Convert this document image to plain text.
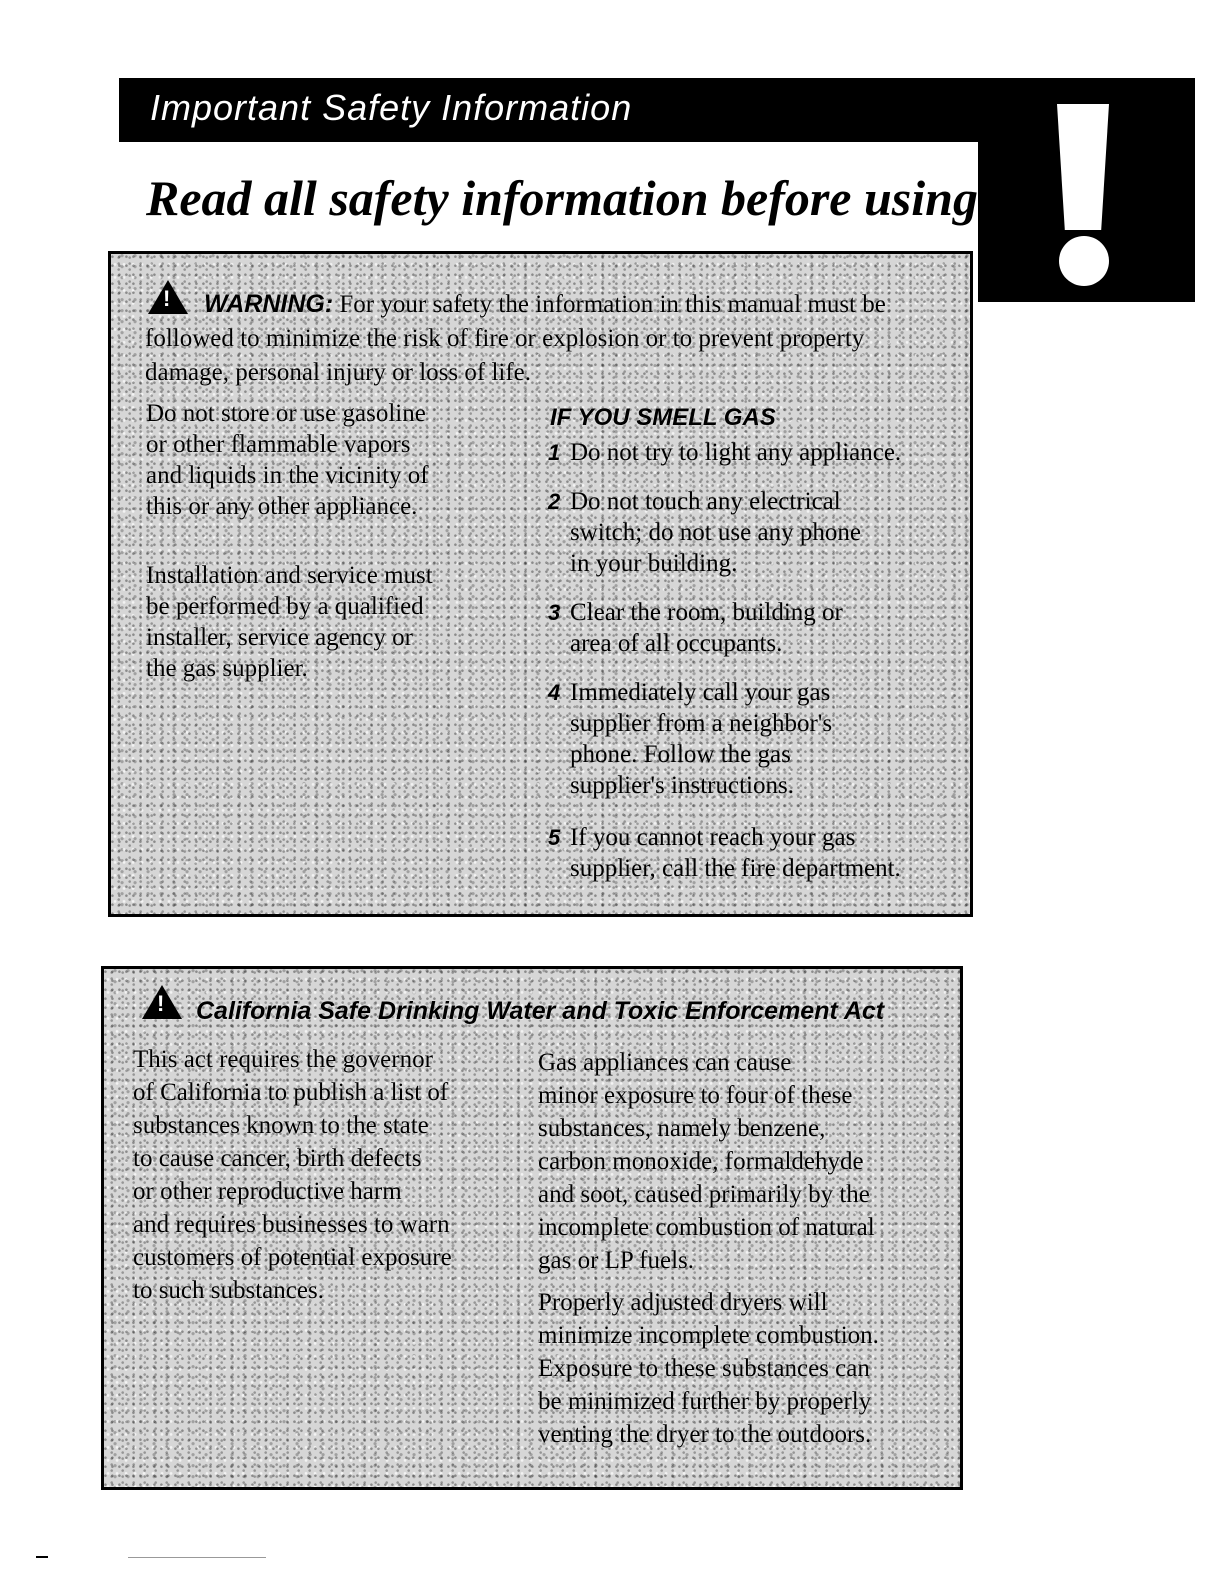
Important Safety Information
Read all safety information before using
!
WARNING: For your safety the information in this manual must be
followed to minimize the risk of fire or explosion or to prevent property
damage, personal injury or loss of life.
Do not store or use gasoline
or other flammable vapors
and liquids in the vicinity of
this or any other appliance.
Installation and service must
be performed by a qualified
installer, service agency or
the gas supplier.
IF YOU SMELL GAS
1 Do not try to light any appliance.
2 Do not touch any electrical
switch; do not use any phone
in your building.
3 Clear the room, building or
area of all occupants.
4 Immediately call your gas
supplier from a neighbor's
phone. Follow the gas
supplier's instructions.
5 If you cannot reach your gas
supplier, call the fire department.
!
California Safe Drinking Water and Toxic Enforcement Act
This act requires the governor
of California to publish a list of
substances known to the state
to cause cancer, birth defects
or other reproductive harm
and requires businesses to warn
customers of potential exposure
to such substances.
Gas appliances can cause
minor exposure to four of these
substances, namely benzene,
carbon monoxide, formaldehyde
and soot, caused primarily by the
incomplete combustion of natural
gas or LP fuels.
Properly adjusted dryers will
minimize incomplete combustion.
Exposure to these substances can
be minimized further by properly
venting the dryer to the outdoors.
